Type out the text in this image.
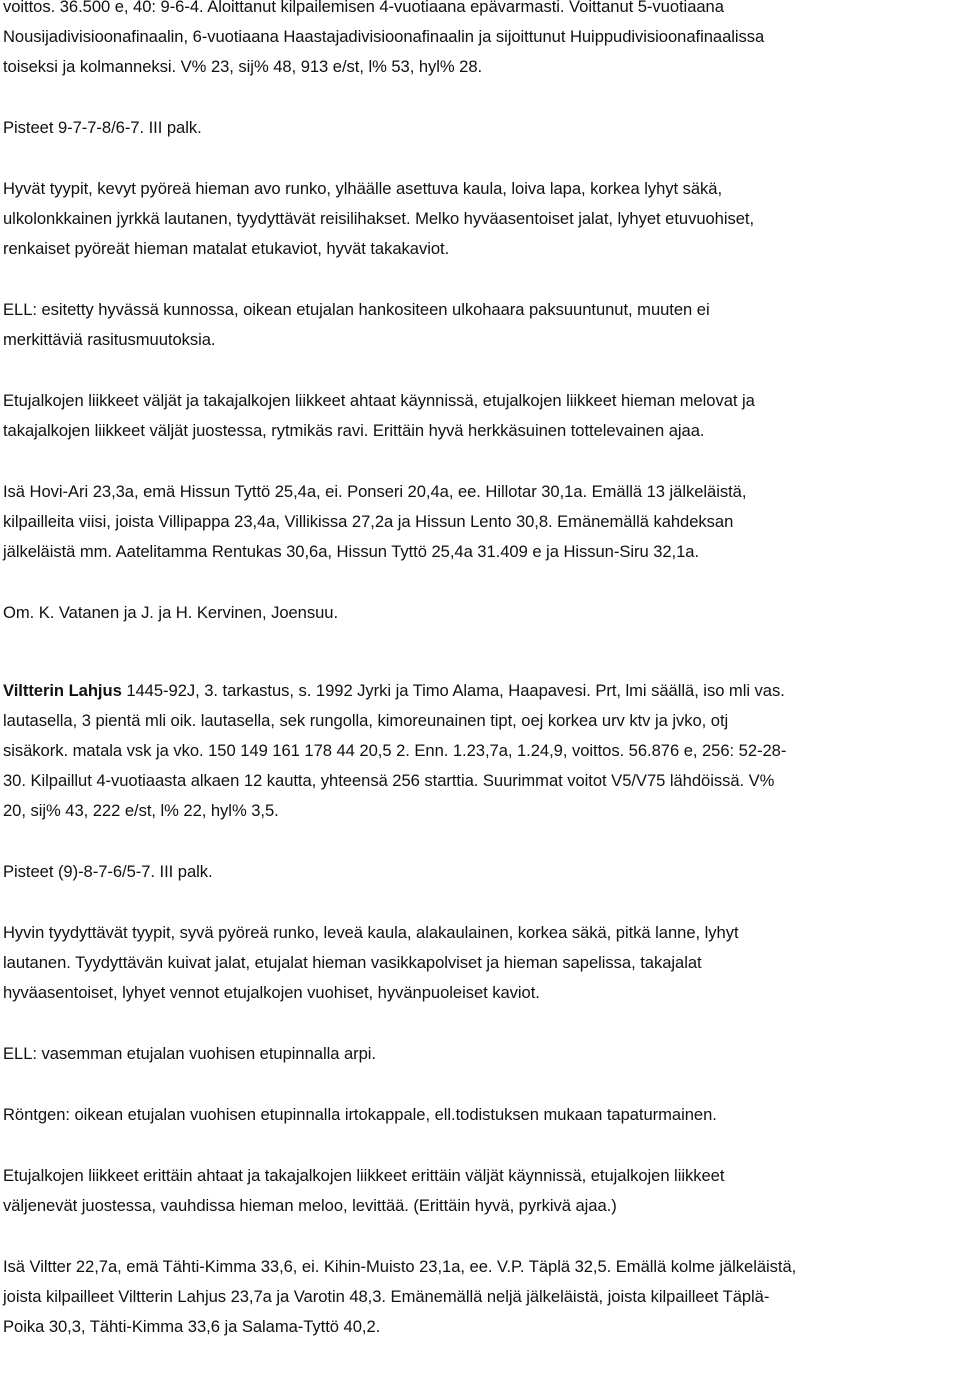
voittos. 36.500 e, 40: 9-6-4. Aloittanut kilpailemisen 4-vuotiaana epävarmasti. Voittanut 5-vuotiaana
Nousijadivisioonafinaalin, 6-vuotiaana Haastajadivisioonafinaalin ja sijoittunut Huippudivisioonafinaalissa
toiseksi ja kolmanneksi. V% 23, sij% 48, 913 e/st, l% 53, hyl% 28.
Pisteet 9-7-7-8/6-7. III palk.
Hyvät tyypit, kevyt pyöreä hieman avo runko, ylhäälle asettuva kaula, loiva lapa, korkea lyhyt säkä,
ulkolonkkainen jyrkkä lautanen, tyydyttävät reisilihakset. Melko hyväasentoiset jalat, lyhyet etuvuohiset,
renkaiset pyöreät hieman matalat etukaviot, hyvät takakaviot.
ELL: esitetty hyvässä kunnossa, oikean etujalan hankositeen ulkohaara paksuuntunut, muuten ei
merkittäviä rasitusmuutoksia.
Etujalkojen liikkeet väljät ja takajalkojen liikkeet ahtaat käynnissä, etujalkojen liikkeet hieman melovat ja
takajalkojen liikkeet väljät juostessa, rytmikäs ravi. Erittäin hyvä herkkäsuinen tottelevainen ajaa.
Isä Hovi-Ari 23,3a, emä Hissun Tyttö 25,4a, ei. Ponseri 20,4a, ee. Hillotar 30,1a. Emällä 13 jälkeläistä,
kilpailleita viisi, joista Villipappa 23,4a, Villikissa 27,2a ja Hissun Lento 30,8. Emänemällä kahdeksan
jälkeläistä mm. Aatelitamma Rentukas 30,6a, Hissun Tyttö 25,4a 31.409 e ja Hissun-Siru 32,1a.
Om. K. Vatanen ja J. ja H. Kervinen, Joensuu.
Viltterin Lahjus 1445-92J, 3. tarkastus, s. 1992 Jyrki ja Timo Alama, Haapavesi. Prt, lmi säällä, iso mli vas.
lautasella, 3 pientä mli oik. lautasella, sek rungolla, kimoreunainen tipt, oej korkea urv ktv ja jvko, otj
sisäkork. matala vsk ja vko. 150 149 161 178 44 20,5 2. Enn. 1.23,7a, 1.24,9, voittos. 56.876 e, 256: 52-28-
30. Kilpaillut 4-vuotiaasta alkaen 12 kautta, yhteensä 256 starttia. Suurimmat voitot V5/V75 lähdöissä. V%
20, sij% 43, 222 e/st, l% 22, hyl% 3,5.
Pisteet (9)-8-7-6/5-7. III palk.
Hyvin tyydyttävät tyypit, syvä pyöreä runko, leveä kaula, alakaulainen, korkea säkä, pitkä lanne, lyhyt
lautanen. Tyydyttävän kuivat jalat, etujalat hieman vasikkapolviset ja hieman sapelissa, takajalat
hyväasentoiset, lyhyet vennot etujalkojen vuohiset, hyvänpuoleiset kaviot.
ELL: vasemman etujalan vuohisen etupinnalla arpi.
Röntgen: oikean etujalan vuohisen etupinnalla irtokappale, ell.todistuksen mukaan tapaturmainen.
Etujalkojen liikkeet erittäin ahtaat ja takajalkojen liikkeet erittäin väljät käynnissä, etujalkojen liikkeet
väljenevät juostessa, vauhdissa hieman meloo, levittää. (Erittäin hyvä, pyrkivä ajaa.)
Isä Viltter 22,7a, emä Tähti-Kimma 33,6, ei. Kihin-Muisto 23,1a, ee. V.P. Täplä 32,5. Emällä kolme jälkeläistä,
joista kilpailleet Viltterin Lahjus 23,7a ja Varotin 48,3. Emänemällä neljä jälkeläistä, joista kilpailleet Täplä-
Poika 30,3, Tähti-Kimma 33,6 ja Salama-Tyttö 40,2.
